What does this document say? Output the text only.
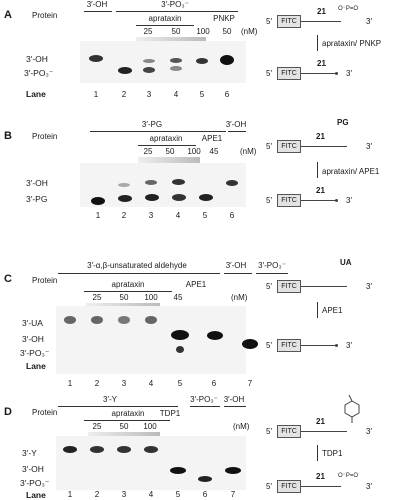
A	Protein
3′-OH	3′-PO₃⁻
aprataxin	PNKP
25 50 100 50 (nM)
3′-OH
3′-PO₃⁻
Lane	1	2	3	4	5	6
5′	FITC
21 O⁻P=O
3′
aprataxin/ PNKP
5′	FITC
21
3′
B	Protein
3′-PG	3′-OH
aprataxin APE1
25 50 100 45	(nM)
3′-OH
3′-PG
1	2	3	4	5	6
PG
5′	FITC
21
3′
aprataxin/ APE1
5′	FITC
21
3′
C	Protein
3′-α,β-unsaturated aldehyde	3′-OH 3′-PO₃⁻
aprataxin	APE1
25 50 100 45	(nM)
3′-UA
3′-OH
3′-PO₃⁻
Lane
1	2	3	4	5	6	7
UA
5′	FITC	3′
APE1
5′	FITC	3′
D	Protein
3′-Y	3′-PO₃⁻ 3′-OH
aprataxin TDP1
25 50 100	(nM)
3′-Y
3′-OH
3′-PO₃⁻
Lane	1	2	3	4	5	6	7
5′	FITC
21
3′
TDP1
5′	FITC
21 O⁻P=O
3′
